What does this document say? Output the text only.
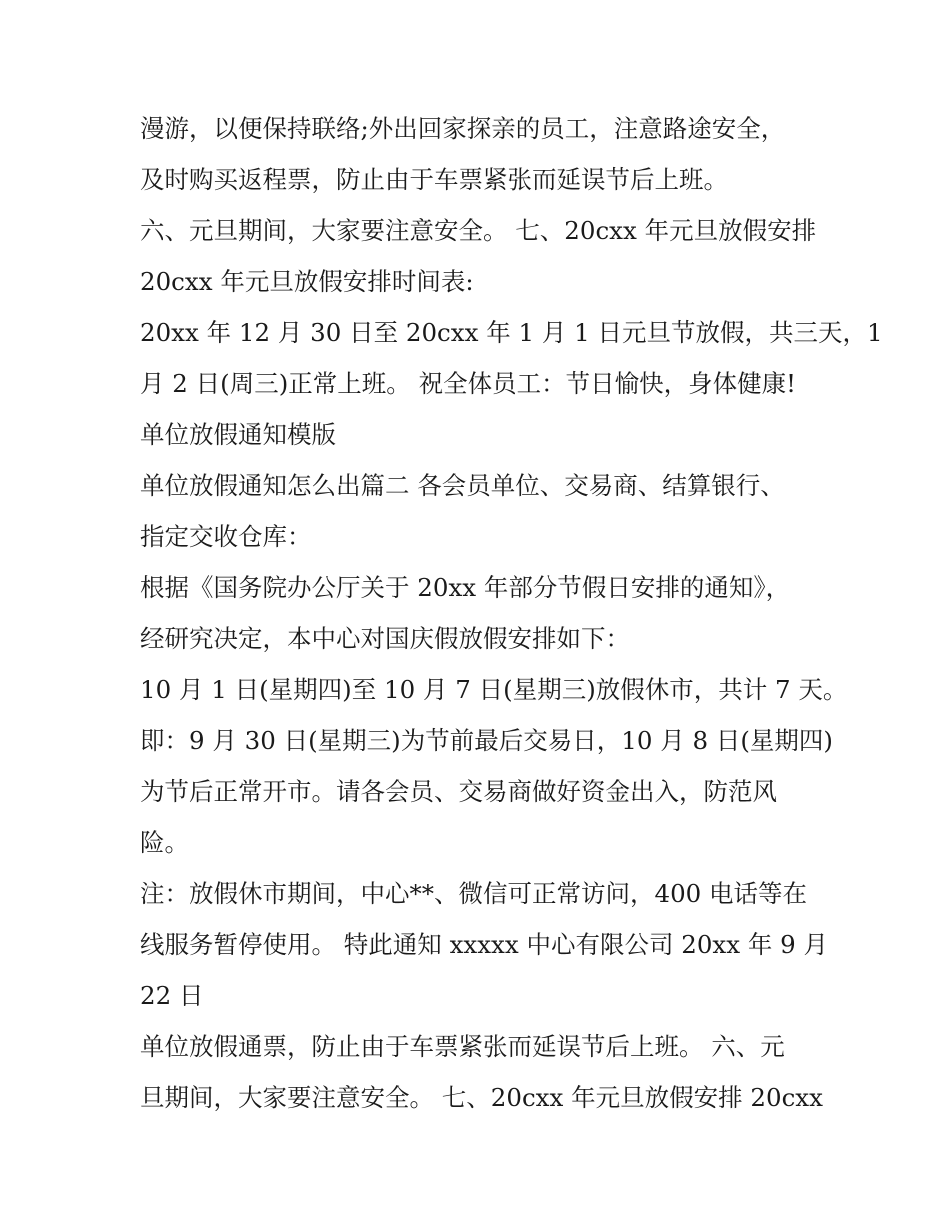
漫游，以便保持联络;外出回家探亲的员工，注意路途安全，
及时购买返程票，防止由于车票紧张而延误节后上班。
六、元旦期间，大家要注意安全。 七、20cxx 年元旦放假安排
20cxx 年元旦放假安排时间表:
20xx 年 12 月 30 日至 20cxx 年 1 月 1 日元旦节放假，共三天，1
月 2 日(周三)正常上班。 祝全体员工：节日愉快，身体健康!
单位放假通知模版
单位放假通知怎么出篇二 各会员单位、交易商、结算银行、
指定交收仓库：
根据《国务院办公厅关于 20xx 年部分节假日安排的通知》，
经研究决定，本中心对国庆假放假安排如下：
10 月 1 日(星期四)至 10 月 7 日(星期三)放假休市，共计 7 天。
即：9 月 30 日(星期三)为节前最后交易日，10 月 8 日(星期四)
为节后正常开市。请各会员、交易商做好资金出入，防范风
险。
注：放假休市期间，中心**、微信可正常访问，400 电话等在
线服务暂停使用。 特此通知 xxxxx 中心有限公司 20xx 年 9 月
22 日
单位放假通票，防止由于车票紧张而延误节后上班。 六、元
旦期间，大家要注意安全。 七、20cxx 年元旦放假安排 20cxx
